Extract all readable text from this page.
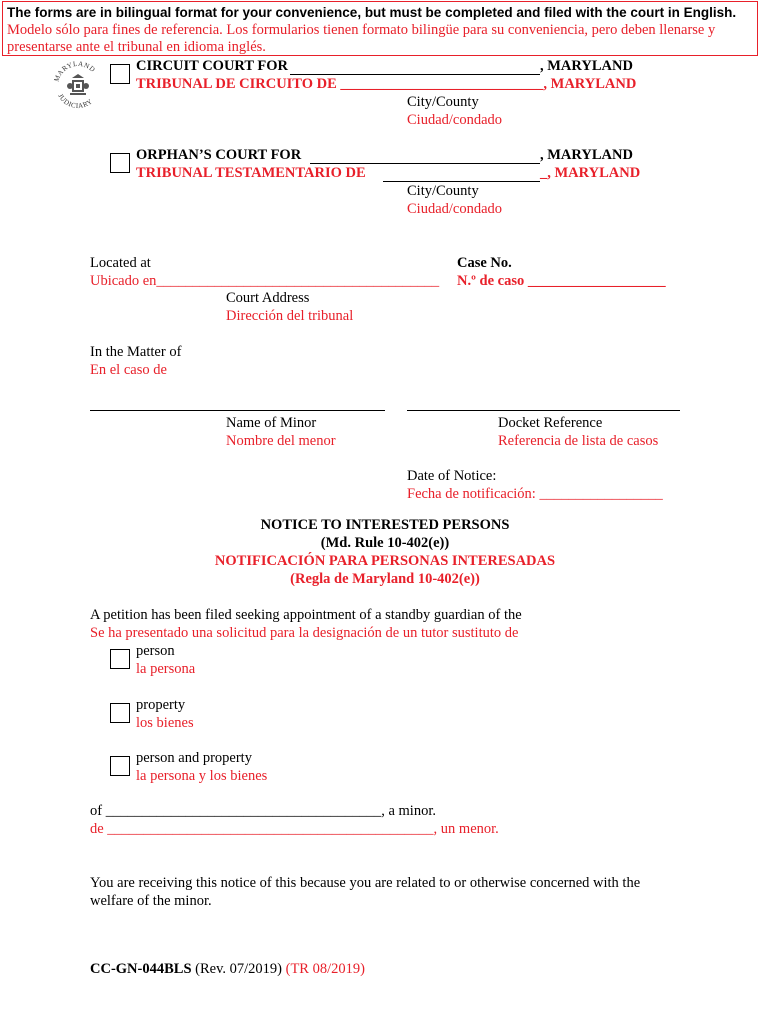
The forms are in bilingual format for your convenience, but must be completed and filed with the court in English.
Modelo sólo para fines de referencia. Los formularios tienen formato bilingüe para su conveniencia, pero deben llenarse y
presentarse ante el tribunal en idioma inglés.
MARYLAND
JUDICIARY
CIRCUIT COURT FOR	, MARYLAND
TRIBUNAL DE CIRCUITO DE ____________________________, MARYLAND
City/County
Ciudad/condado
ORPHAN’S COURT FOR	, MARYLAND
TRIBUNAL TESTAMENTARIO DE	_, MARYLAND
City/County
Ciudad/condado
Located at
Ubicado en_______________________________________
Court Address
Dirección del tribunal
Case No.
N.º de caso ___________________
In the Matter of
En el caso de
Name of Minor
Nombre del menor
Docket Reference
Referencia de lista de casos
Date of Notice:
Fecha de notificación: _________________
NOTICE TO INTERESTED PERSONS
(Md. Rule 10-402(e))
NOTIFICACIÓN PARA PERSONAS INTERESADAS
(Regla de Maryland 10-402(e))
A petition has been filed seeking appointment of a standby guardian of the
Se ha presentado una solicitud para la designación de un tutor sustituto de
person
la persona
property
los bienes
person and property
la persona y los bienes
of ______________________________________, a minor.
de _____________________________________________, un menor.
You are receiving this notice of this because you are related to or otherwise concerned with the
welfare of the minor.
CC-GN-044BLS (Rev. 07/2019) (TR 08/2019)
